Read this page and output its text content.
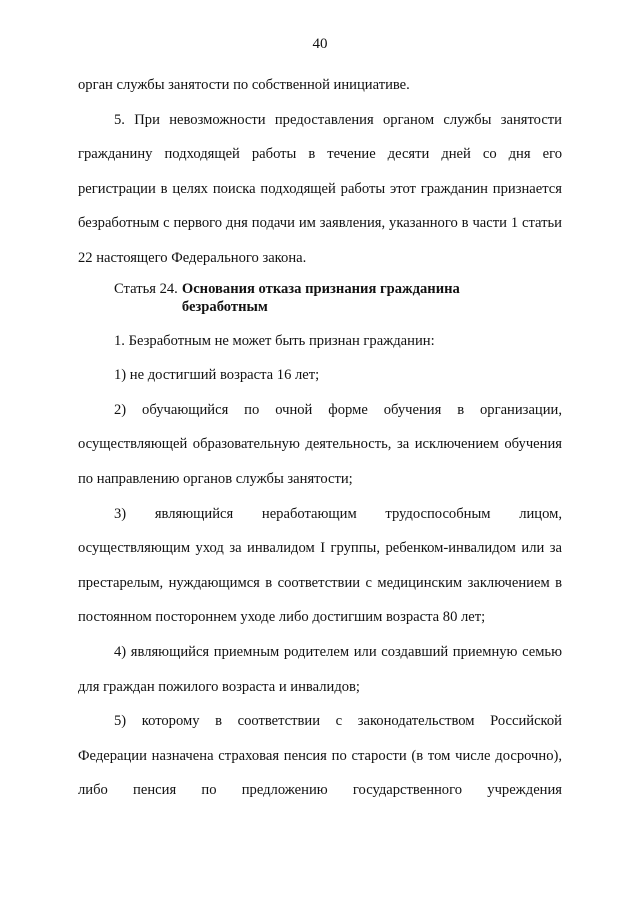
40

орган службы занятости по собственной инициативе.

5. При невозможности предоставления органом службы занятости гражданину подходящей работы в течение десяти дней со дня его регистрации в целях поиска подходящей работы этот гражданин признается безработным с первого дня подачи им заявления, указанного в части 1 статьи 22 настоящего Федерального закона.

Статья 24. Основания отказа признания гражданина безработным

1. Безработным не может быть признан гражданин:

1) не достигший возраста 16 лет;

2) обучающийся по очной форме обучения в организации, осуществляющей образовательную деятельность, за исключением обучения по направлению органов службы занятости;

3) являющийся неработающим трудоспособным лицом, осуществляющим уход за инвалидом I группы, ребенком-инвалидом или за престарелым, нуждающимся в соответствии с медицинским заключением в постоянном постороннем уходе либо достигшим возраста 80 лет;

4) являющийся приемным родителем или создавший приемную семью для граждан пожилого возраста и инвалидов;

5) которому в соответствии с законодательством Российской Федерации назначена страховая пенсия по старости (в том числе досрочно), либо пенсия по предложению государственного учреждения
